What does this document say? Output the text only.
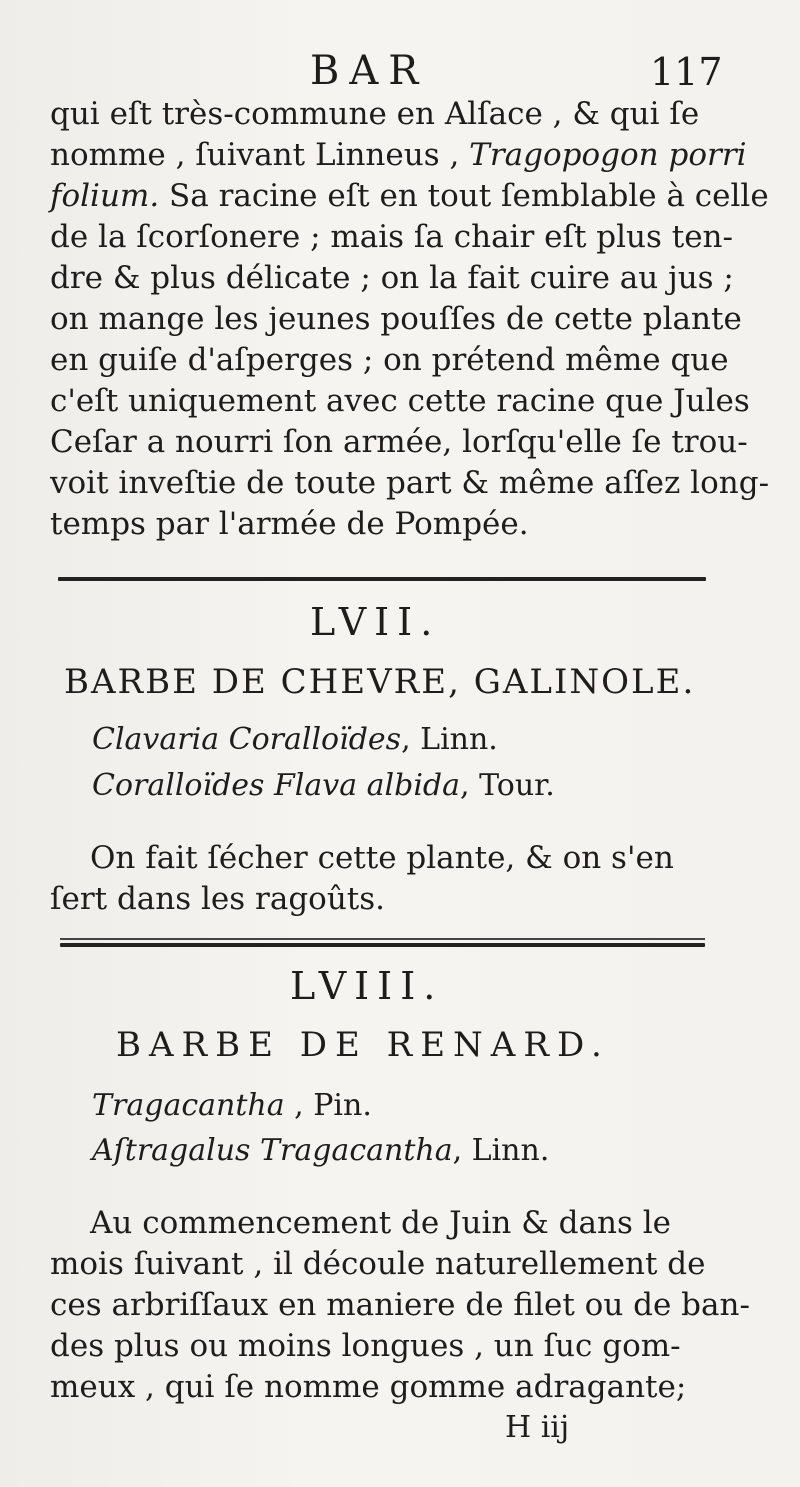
BAR	117
qui eſt très-commune en Alſace , & qui ſe
nomme , ſuivant Linneus , Tragopogon porri
folium. Sa racine eſt en tout ſemblable à celle
de la ſcorſonere ; mais ſa chair eſt plus ten-
dre & plus délicate ; on la fait cuire au jus ;
on mange les jeunes pouſſes de cette plante
en guiſe d'aſperges ; on prétend même que
c'eſt uniquement avec cette racine que Jules
Ceſar a nourri ſon armée, lorſqu'elle ſe trou-
voit inveſtie de toute part & même aſſez long-
temps par l'armée de Pompée.
LVII.
BARBE DE CHEVRE, GALINOLE.
Clavaria Coralloïdes, Linn.
Coralloïdes Flava albida, Tour.
On fait ſécher cette plante, & on s'en
ſert dans les ragoûts.
LVIII.
BARBE DE RENARD.
Tragacantha , Pin.
Aſtragalus Tragacantha, Linn.
Au commencement de Juin & dans le
mois ſuivant , il découle naturellement de
ces arbriſſaux en maniere de filet ou de ban-
des plus ou moins longues , un ſuc gom-
meux , qui ſe nomme gomme adragante;
H iij
